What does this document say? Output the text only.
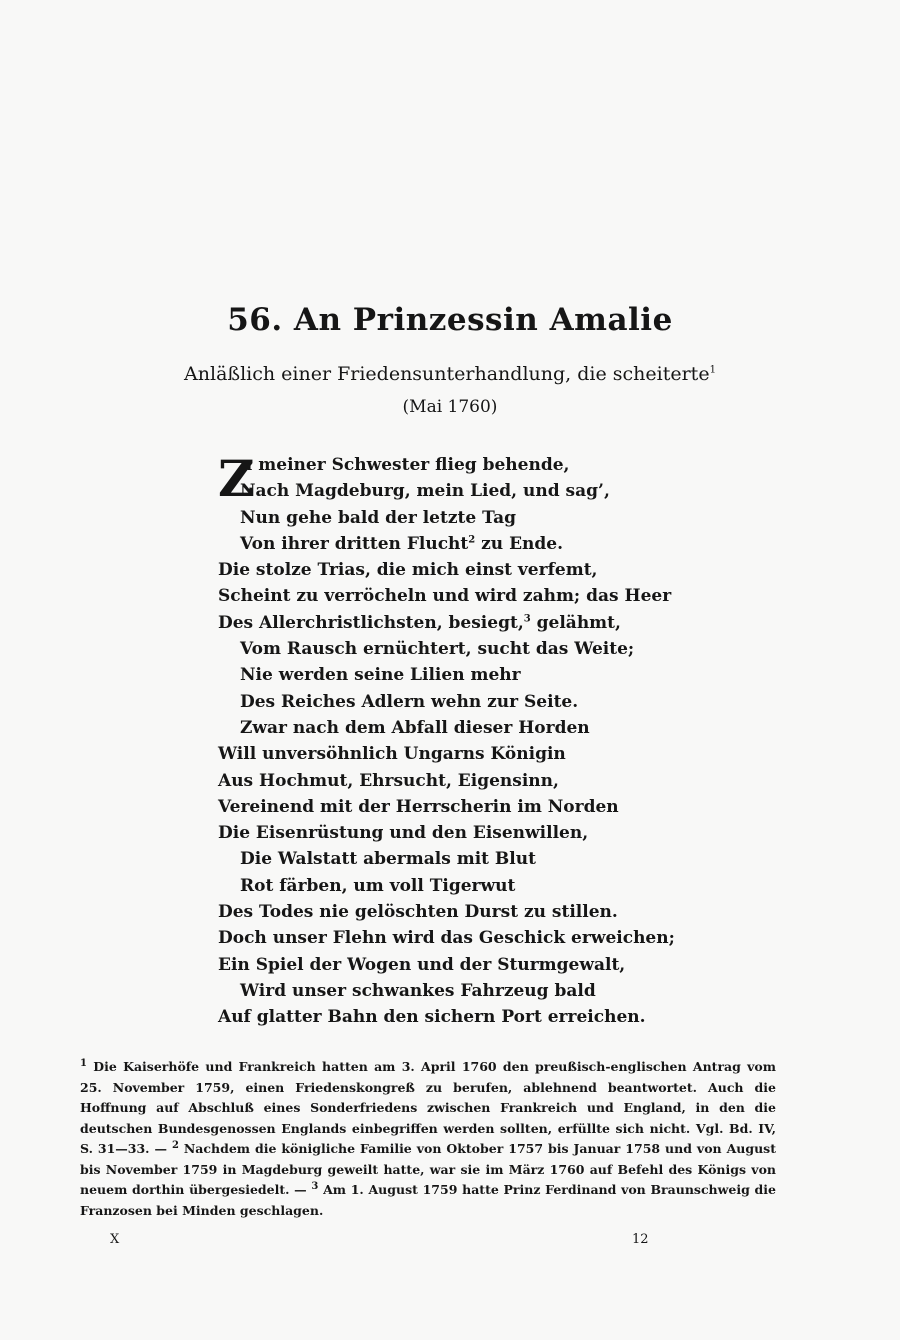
56. An Prinzessin Amalie

Anläßlich einer Friedensunterhandlung, die scheiterte$^1$

(Mai 1760)

Z
u meiner Schwester flieg behende,
Nach Magdeburg, mein Lied, und sag’,
Nun gehe bald der letzte Tag
Von ihrer dritten Flucht$^2$ zu Ende.
Die stolze Trias, die mich einst verfemt,
Scheint zu verröcheln und wird zahm; das Heer
Des Allerchristlichsten, besiegt,$^3$ gelähmt,
Vom Rausch ernüchtert, sucht das Weite;
Nie werden seine Lilien mehr
Des Reiches Adlern wehn zur Seite.
Zwar nach dem Abfall dieser Horden
Will unversöhnlich Ungarns Königin
Aus Hochmut, Ehrsucht, Eigensinn,
Vereinend mit der Herrscherin im Norden
Die Eisenrüstung und den Eisenwillen,
Die Walstatt abermals mit Blut
Rot färben, um voll Tigerwut
Des Todes nie gelöschten Durst zu stillen.
Doch unser Flehn wird das Geschick erweichen;
Ein Spiel der Wogen und der Sturmgewalt,
Wird unser schwankes Fahrzeug bald
Auf glatter Bahn den sichern Port erreichen.

$^1$ Die Kaiserhöfe und Frankreich hatten am 3. April 1760 den preußisch-englischen Antrag vom 25. November 1759, einen Friedenskongreß zu berufen, ablehnend beantwortet. Auch die Hoffnung auf Abschluß eines Sonderfriedens zwischen Frankreich und England, in den die deutschen Bundesgenossen Englands einbegriffen werden sollten, erfüllte sich nicht. Vgl. Bd. IV, S. 31—33. — $^2$ Nachdem die königliche Familie von Oktober 1757 bis Januar 1758 und von August bis November 1759 in Magdeburg geweilt hatte, war sie im März 1760 auf Befehl des Königs von neuem dorthin übergesiedelt. — $^3$ Am 1. August 1759 hatte Prinz Ferdinand von Braunschweig die Franzosen bei Minden geschlagen.

X	12
